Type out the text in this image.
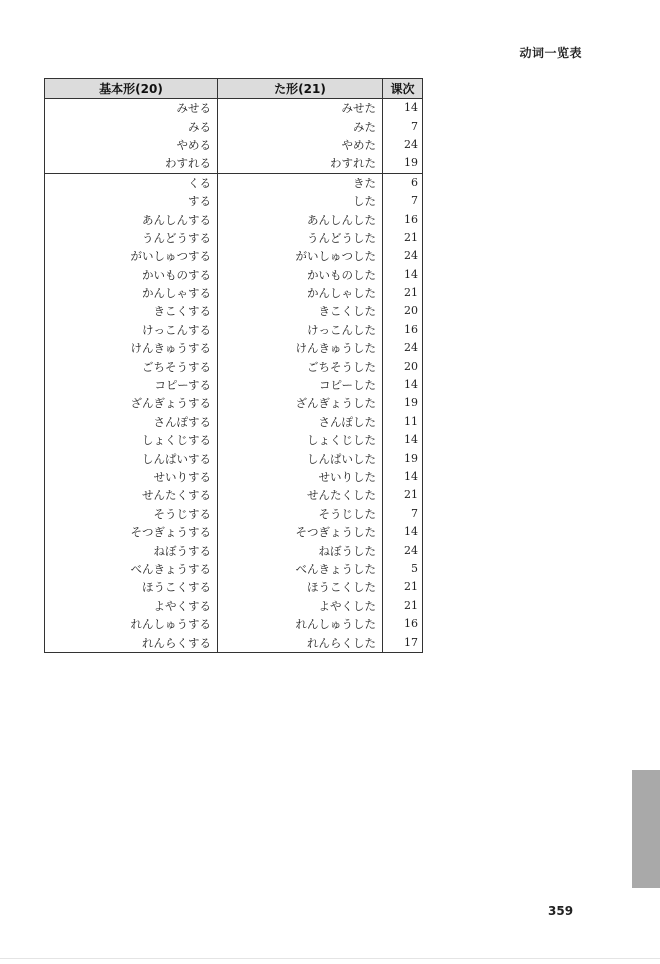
动词一览表
基本形(20)	た形(21)	课次
みせる	みせた	14
みる	みた	7
やめる	やめた	24
わすれる	わすれた	19
くる	きた	6
する	した	7
あんしんする	あんしんした	16
うんどうする	うんどうした	21
がいしゅつする	がいしゅつした	24
かいものする	かいものした	14
かんしゃする	かんしゃした	21
きこくする	きこくした	20
けっこんする	けっこんした	16
けんきゅうする	けんきゅうした	24
ごちそうする	ごちそうした	20
コピーする	コピーした	14
ざんぎょうする	ざんぎょうした	19
さんぽする	さんぽした	11
しょくじする	しょくじした	14
しんぱいする	しんぱいした	19
せいりする	せいりした	14
せんたくする	せんたくした	21
そうじする	そうじした	7
そつぎょうする	そつぎょうした	14
ねぼうする	ねぼうした	24
べんきょうする	べんきょうした	5
ほうこくする	ほうこくした	21
よやくする	よやくした	21
れんしゅうする	れんしゅうした	16
れんらくする	れんらくした	17
359
